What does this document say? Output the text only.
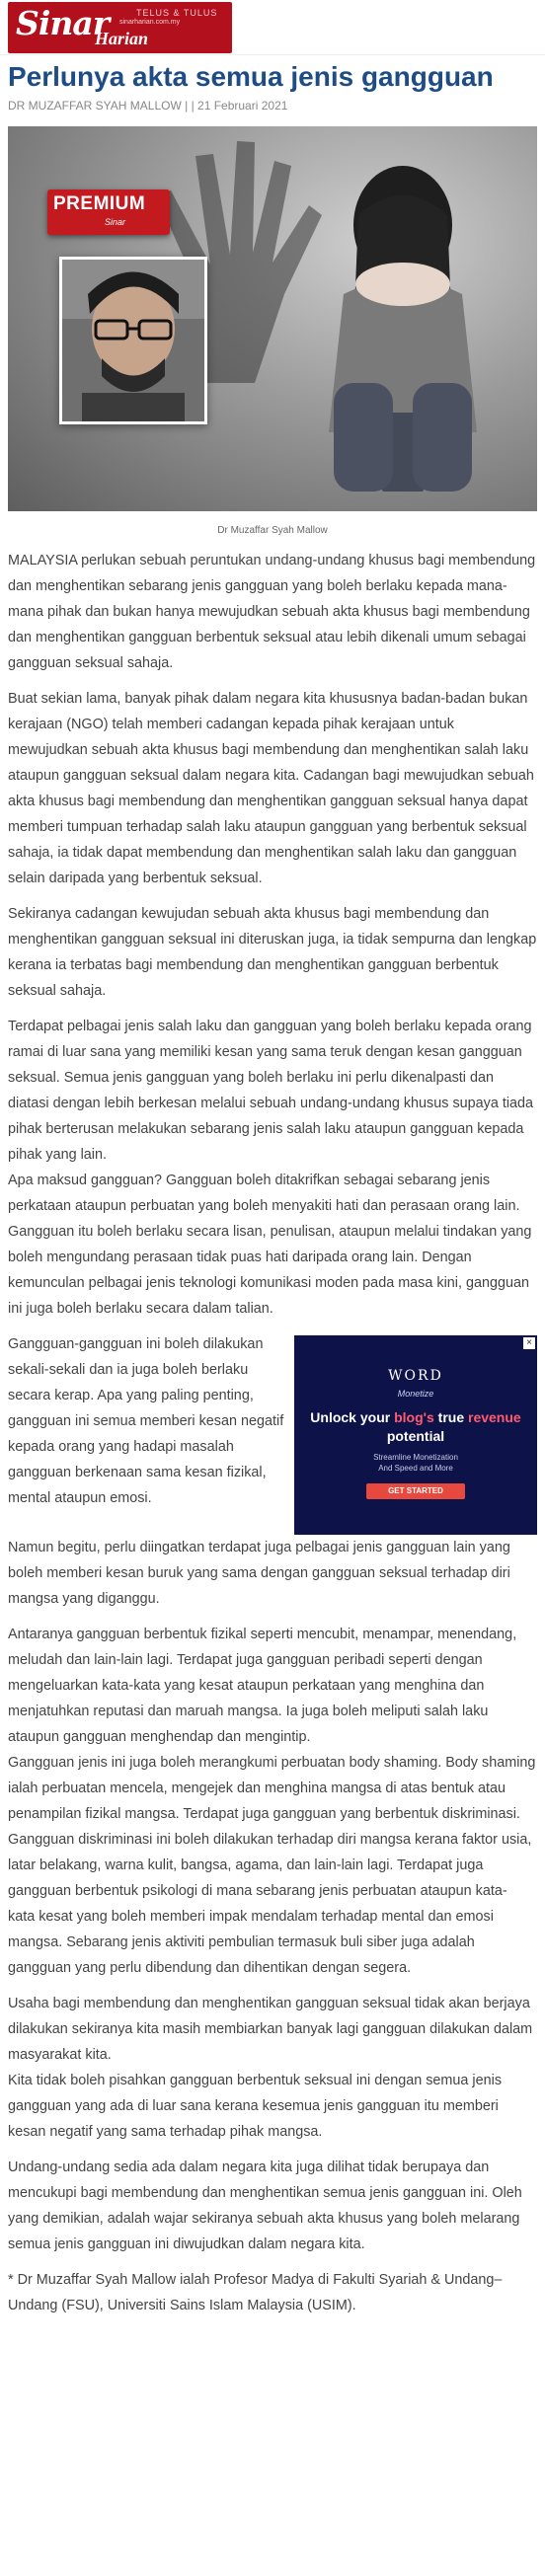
Sinar	TELUS & TULUS
sinarharian.com.my
Harian
Perlunya akta semua jenis gangguan
DR MUZAFFAR SYAH MALLOW | | 21 Februari 2021
PREMIUM
Sinar
Dr Muzaffar Syah Mallow

MALAYSIA perlukan sebuah peruntukan undang-undang khusus bagi membendung dan menghentikan sebarang jenis gangguan yang boleh berlaku kepada mana-mana pihak dan bukan hanya mewujudkan sebuah akta khusus bagi membendung dan menghentikan gangguan berbentuk seksual atau lebih dikenali umum sebagai gangguan seksual sahaja.

Buat sekian lama, banyak pihak dalam negara kita khususnya badan-badan bukan kerajaan (NGO) telah memberi cadangan kepada pihak kerajaan untuk mewujudkan sebuah akta khusus bagi membendung dan menghentikan salah laku ataupun gangguan seksual dalam negara kita. Cadangan bagi mewujudkan sebuah akta khusus bagi membendung dan menghentikan gangguan seksual hanya dapat memberi tumpuan terhadap salah laku ataupun gangguan yang berbentuk seksual sahaja, ia tidak dapat membendung dan menghentikan salah laku dan gangguan selain daripada yang berbentuk seksual.

Sekiranya cadangan kewujudan sebuah akta khusus bagi membendung dan menghentikan gangguan seksual ini diteruskan juga, ia tidak sempurna dan lengkap kerana ia terbatas bagi membendung dan menghentikan gangguan berbentuk seksual sahaja.

Terdapat pelbagai jenis salah laku dan gangguan yang boleh berlaku kepada orang ramai di luar sana yang memiliki kesan yang sama teruk dengan kesan gangguan seksual. Semua jenis gangguan yang boleh berlaku ini perlu dikenalpasti dan diatasi dengan lebih berkesan melalui sebuah undang-undang khusus supaya tiada pihak berterusan melakukan sebarang jenis salah laku ataupun gangguan kepada pihak yang lain.

Apa maksud gangguan? Gangguan boleh ditakrifkan sebagai sebarang jenis perkataan ataupun perbuatan yang boleh menyakiti hati dan perasaan orang lain. Gangguan itu boleh berlaku secara lisan, penulisan, ataupun melalui tindakan yang boleh mengundang perasaan tidak puas hati daripada orang lain. Dengan kemunculan pelbagai jenis teknologi komunikasi moden pada masa kini, gangguan ini juga boleh berlaku secara dalam talian.

Gangguan-gangguan ini boleh dilakukan sekali-sekali dan ia juga boleh berlaku secara kerap. Apa yang paling penting, gangguan ini semua memberi kesan negatif kepada orang yang hadapi masalah gangguan berkenaan sama kesan fizikal, mental ataupun emosi.

×
WORD
Monetize
Unlock your blog's true revenue potential
Streamline Monetization
And Speed and More
GET STARTED

Namun begitu, perlu diingatkan terdapat juga pelbagai jenis gangguan lain yang boleh memberi kesan buruk yang sama dengan gangguan seksual terhadap diri mangsa yang diganggu.

Antaranya gangguan berbentuk fizikal seperti mencubit, menampar, menendang, meludah dan lain-lain lagi. Terdapat juga gangguan peribadi seperti dengan mengeluarkan kata-kata yang kesat ataupun perkataan yang menghina dan menjatuhkan reputasi dan maruah mangsa. Ia juga boleh meliputi salah laku ataupun gangguan menghendap dan mengintip.

Gangguan jenis ini juga boleh merangkumi perbuatan body shaming. Body shaming ialah perbuatan mencela, mengejek dan menghina mangsa di atas bentuk atau penampilan fizikal mangsa. Terdapat juga gangguan yang berbentuk diskriminasi. Gangguan diskriminasi ini boleh dilakukan terhadap diri mangsa kerana faktor usia, latar belakang, warna kulit, bangsa, agama, dan lain-lain lagi. Terdapat juga gangguan berbentuk psikologi di mana sebarang jenis perbuatan ataupun kata- kata kesat yang boleh memberi impak mendalam terhadap mental dan emosi mangsa. Sebarang jenis aktiviti pembulian termasuk buli siber juga adalah gangguan yang perlu dibendung dan dihentikan dengan segera.

Usaha bagi membendung dan menghentikan gangguan seksual tidak akan berjaya dilakukan sekiranya kita masih membiarkan banyak lagi gangguan dilakukan dalam masyarakat kita.

Kita tidak boleh pisahkan gangguan berbentuk seksual ini dengan semua jenis gangguan yang ada di luar sana kerana kesemua jenis gangguan itu memberi kesan negatif yang sama terhadap pihak mangsa.

Undang-undang sedia ada dalam negara kita juga dilihat tidak berupaya dan mencukupi bagi membendung dan menghentikan semua jenis gangguan ini. Oleh yang demikian, adalah wajar sekiranya sebuah akta khusus yang boleh melarang semua jenis gangguan ini diwujudkan dalam negara kita.

* Dr Muzaffar Syah Mallow ialah Profesor Madya di Fakulti Syariah & Undang–Undang (FSU), Universiti Sains Islam Malaysia (USIM).
